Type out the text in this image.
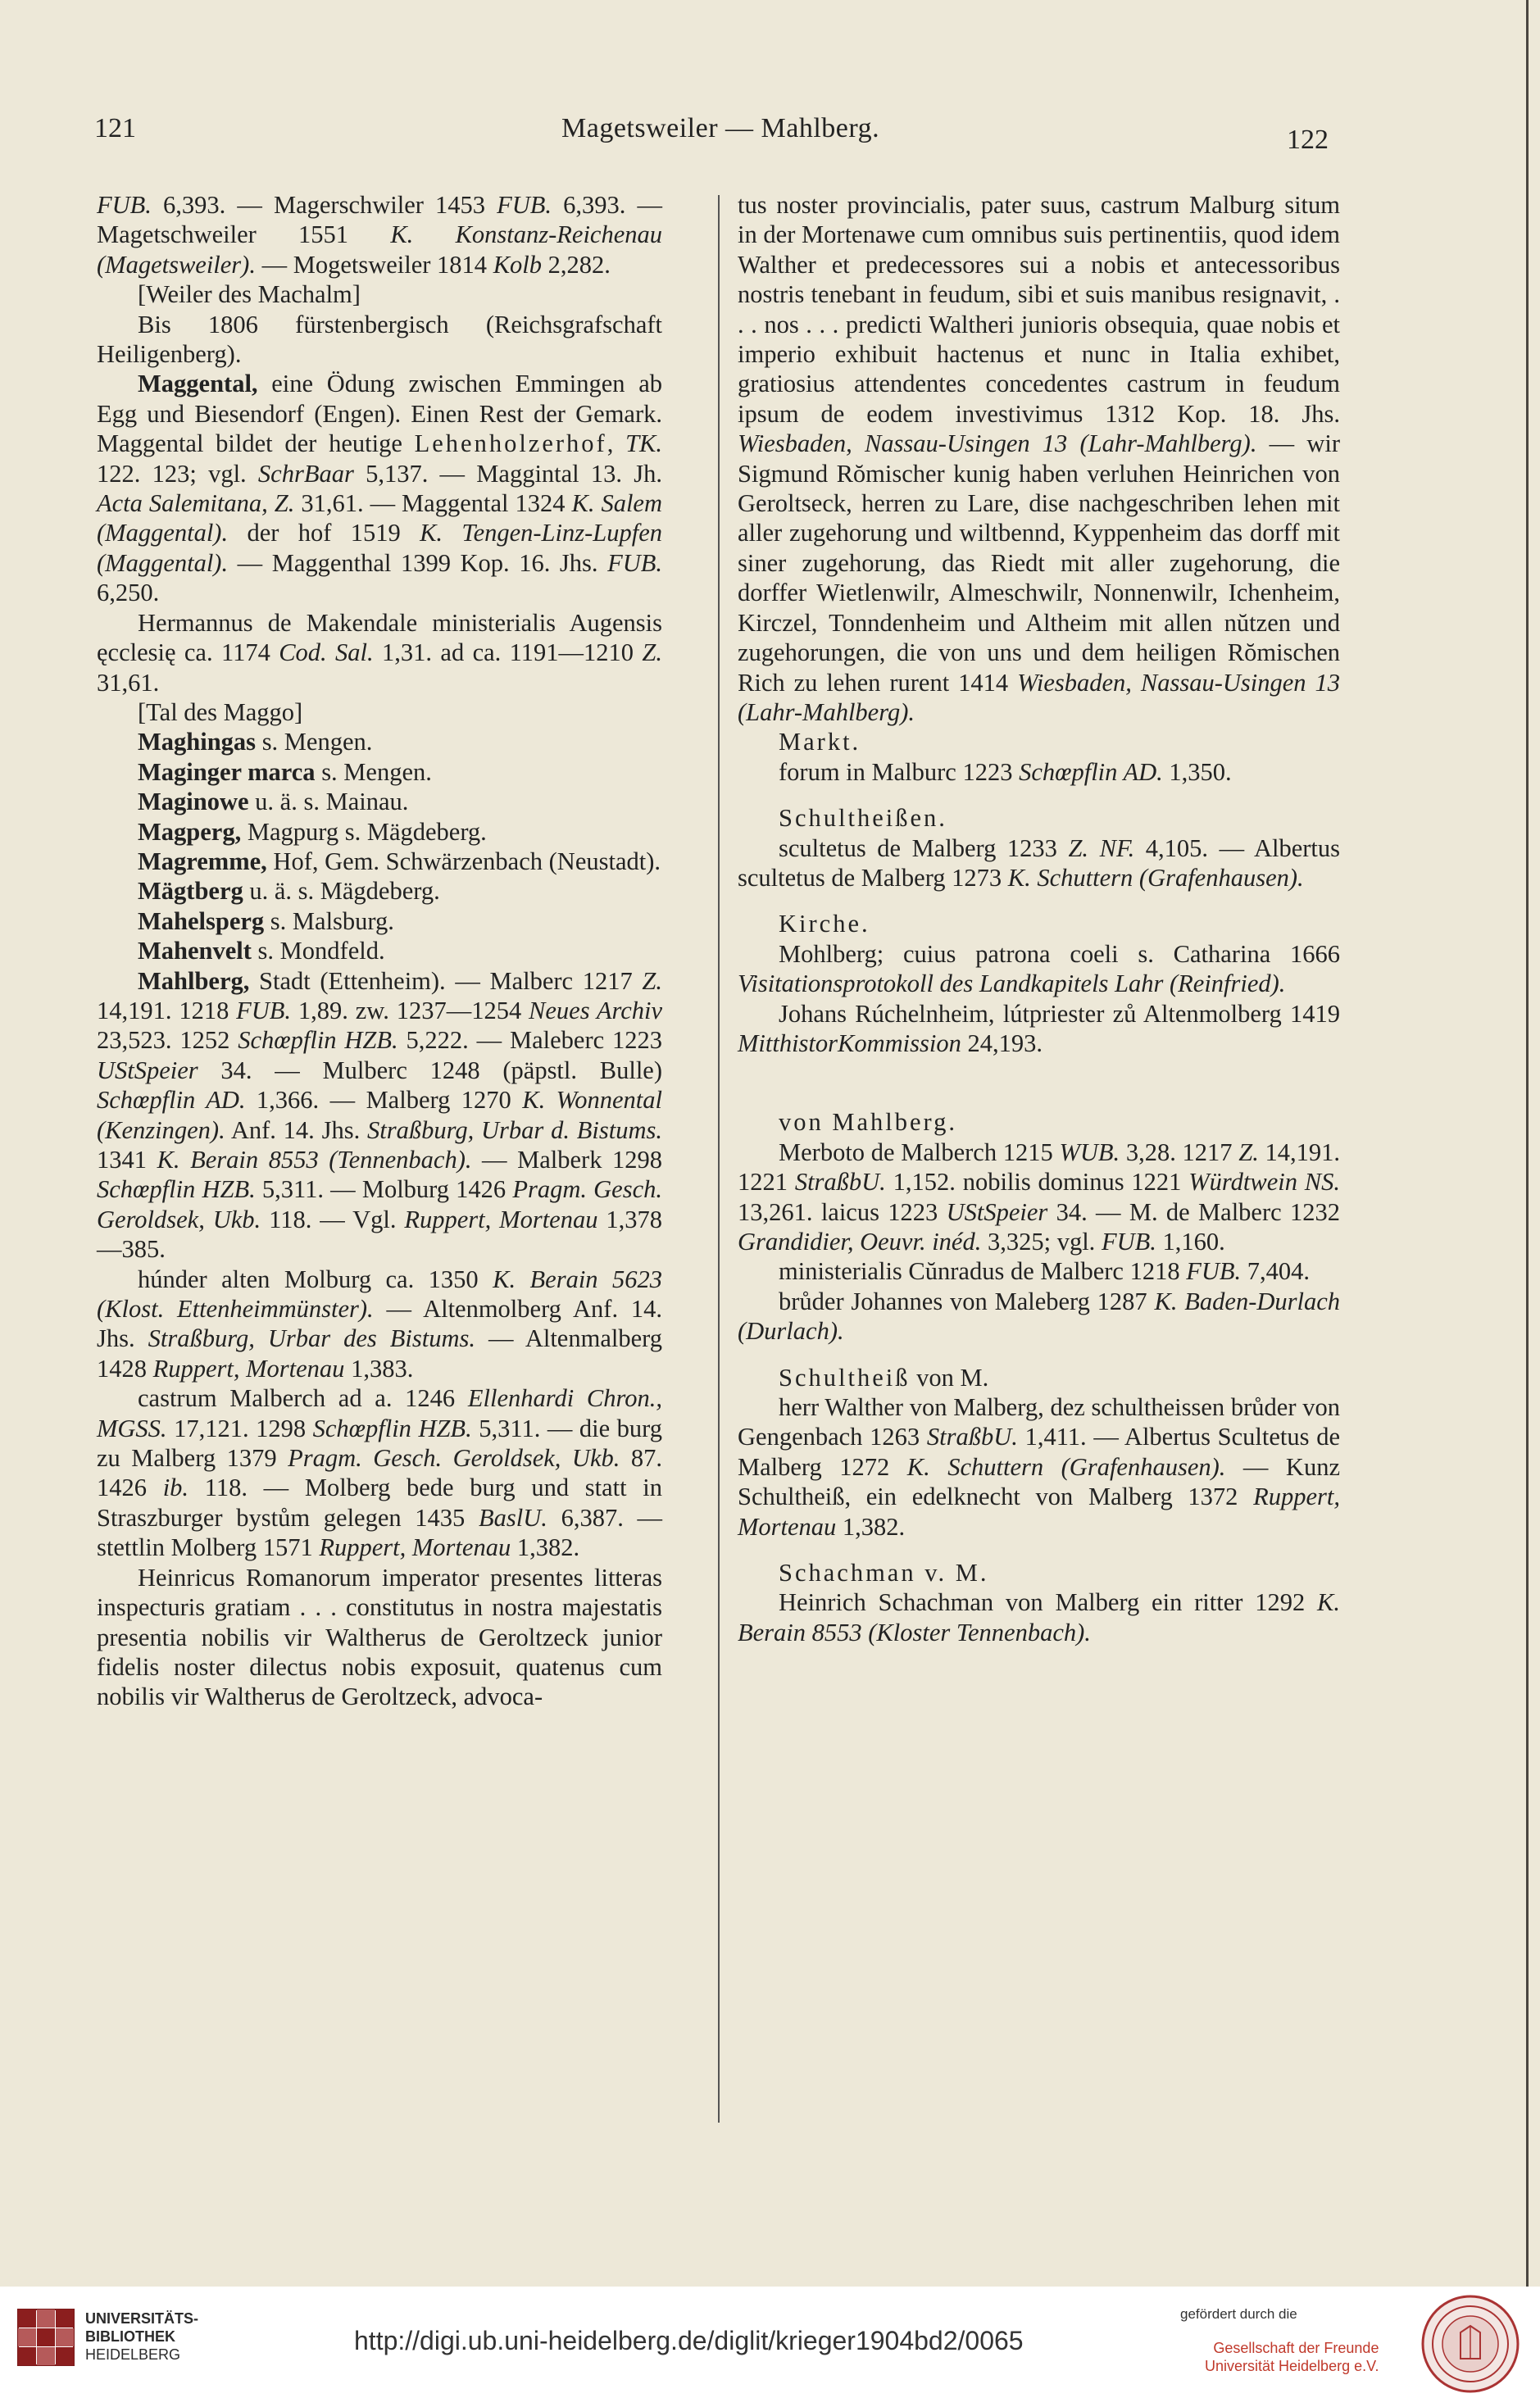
121	Magetsweiler — Mahlberg.	122

FUB. 6,393. — Magerschwiler 1453 FUB. 6,393. — Magetschweiler 1551 K. Konstanz-Reichenau (Magetsweiler). — Mogetsweiler 1814 Kolb 2,282.

[Weiler des Machalm]

Bis 1806 fürstenbergisch (Reichsgrafschaft Heiligenberg).

Maggental, eine Ödung zwischen Emmingen ab Egg und Biesendorf (Engen). Einen Rest der Gemark. Maggental bildet der heutige Lehenholzerhof, TK. 122. 123; vgl. SchrBaar 5,137. — Maggintal 13. Jh. Acta Salemitana, Z. 31,61. — Maggental 1324 K. Salem (Maggental). der hof 1519 K. Tengen-Linz-Lupfen (Maggental). — Maggenthal 1399 Kop. 16. Jhs. FUB. 6,250.

Hermannus de Makendale ministerialis Augensis ęcclesię ca. 1174 Cod. Sal. 1,31. ad ca. 1191—1210 Z. 31,61.

[Tal des Maggo]

Maghingas s. Mengen.

Maginger marca s. Mengen.

Maginowe u. ä. s. Mainau.

Magperg, Magpurg s. Mägdeberg.

Magremme, Hof, Gem. Schwärzenbach (Neustadt).

Mägtberg u. ä. s. Mägdeberg.

Mahelsperg s. Malsburg.

Mahenvelt s. Mondfeld.

Mahlberg, Stadt (Ettenheim). — Malberc 1217 Z. 14,191. 1218 FUB. 1,89. zw. 1237—1254 Neues Archiv 23,523. 1252 Schœpflin HZB. 5,222. — Maleberc 1223 UStSpeier 34. — Mulberc 1248 (päpstl. Bulle) Schœpflin AD. 1,366. — Malberg 1270 K. Wonnental (Kenzingen). Anf. 14. Jhs. Straßburg, Urbar d. Bistums. 1341 K. Berain 8553 (Tennenbach). — Malberk 1298 Schœpflin HZB. 5,311. — Molburg 1426 Pragm. Gesch. Geroldsek, Ukb. 118. — Vgl. Ruppert, Mortenau 1,378—385.

húnder alten Molburg ca. 1350 K. Berain 5623 (Klost. Ettenheimmünster). — Altenmolberg Anf. 14. Jhs. Straßburg, Urbar des Bistums. — Altenmalberg 1428 Ruppert, Mortenau 1,383.

castrum Malberch ad a. 1246 Ellenhardi Chron., MGSS. 17,121. 1298 Schœpflin HZB. 5,311. — die burg zu Malberg 1379 Pragm. Gesch. Geroldsek, Ukb. 87. 1426 ib. 118. — Molberg bede burg und statt in Straszburger bystům gelegen 1435 BaslU. 6,387. — stettlin Molberg 1571 Ruppert, Mortenau 1,382.

Heinricus Romanorum imperator presentes litteras inspecturis gratiam . . . constitutus in nostra majestatis presentia nobilis vir Waltherus de Geroltzeck junior fidelis noster dilectus nobis exposuit, quatenus cum nobilis vir Waltherus de Geroltzeck, advoca-

tus noster provincialis, pater suus, castrum Malburg situm in der Mortenawe cum omnibus suis pertinentiis, quod idem Walther et predecessores sui a nobis et antecessoribus nostris tenebant in feudum, sibi et suis manibus resignavit, . . . nos . . . predicti Waltheri junioris obsequia, quae nobis et imperio exhibuit hactenus et nunc in Italia exhibet, gratiosius attendentes concedentes castrum in feudum ipsum de eodem investivimus 1312 Kop. 18. Jhs. Wiesbaden, Nassau-Usingen 13 (Lahr-Mahlberg). — wir Sigmund Rŏmischer kunig haben verluhen Heinrichen von Geroltseck, herren zu Lare, dise nachgeschriben lehen mit aller zugehorung und wiltbennd, Kyppenheim das dorff mit siner zugehorung, das Riedt mit aller zugehorung, die dorffer Wietlenwilr, Almeschwilr, Nonnenwilr, Ichenheim, Kirczel, Tonndenheim und Altheim mit allen nŭtzen und zugehorungen, die von uns und dem heiligen Rŏmischen Rich zu lehen rurent 1414 Wiesbaden, Nassau-Usingen 13 (Lahr-Mahlberg).

Markt.

forum in Malburc 1223 Schœpflin AD. 1,350.

Schultheißen.

scultetus de Malberg 1233 Z. NF. 4,105. — Albertus scultetus de Malberg 1273 K. Schuttern (Grafenhausen).

Kirche.

Mohlberg; cuius patrona coeli s. Catharina 1666 Visitationsprotokoll des Landkapitels Lahr (Reinfried).

Johans Rúchelnheim, lútpriester zů Altenmolberg 1419 MitthistorKommission 24,193.

von Mahlberg.

Merboto de Malberch 1215 WUB. 3,28. 1217 Z. 14,191. 1221 StraßbU. 1,152. nobilis dominus 1221 Würdtwein NS. 13,261. laicus 1223 UStSpeier 34. — M. de Malberc 1232 Grandidier, Oeuvr. inéd. 3,325; vgl. FUB. 1,160.

ministerialis Cŭnradus de Malberc 1218 FUB. 7,404.

brůder Johannes von Maleberg 1287 K. Baden-Durlach (Durlach).

Schultheiß von M.

herr Walther von Malberg, dez schultheissen brůder von Gengenbach 1263 StraßbU. 1,411. — Albertus Scultetus de Malberg 1272 K. Schuttern (Grafenhausen). — Kunz Schultheiß, ein edelknecht von Malberg 1372 Ruppert, Mortenau 1,382.

Schachman v. M.

Heinrich Schachman von Malberg ein ritter 1292 K. Berain 8553 (Kloster Tennenbach).

UNIVERSITÄTS-
BIBLIOTHEK
HEIDELBERG	http://digi.ub.uni-heidelberg.de/diglit/krieger1904bd2/0065
gefördert durch die
Gesellschaft der Freunde
Universität Heidelberg e.V.
